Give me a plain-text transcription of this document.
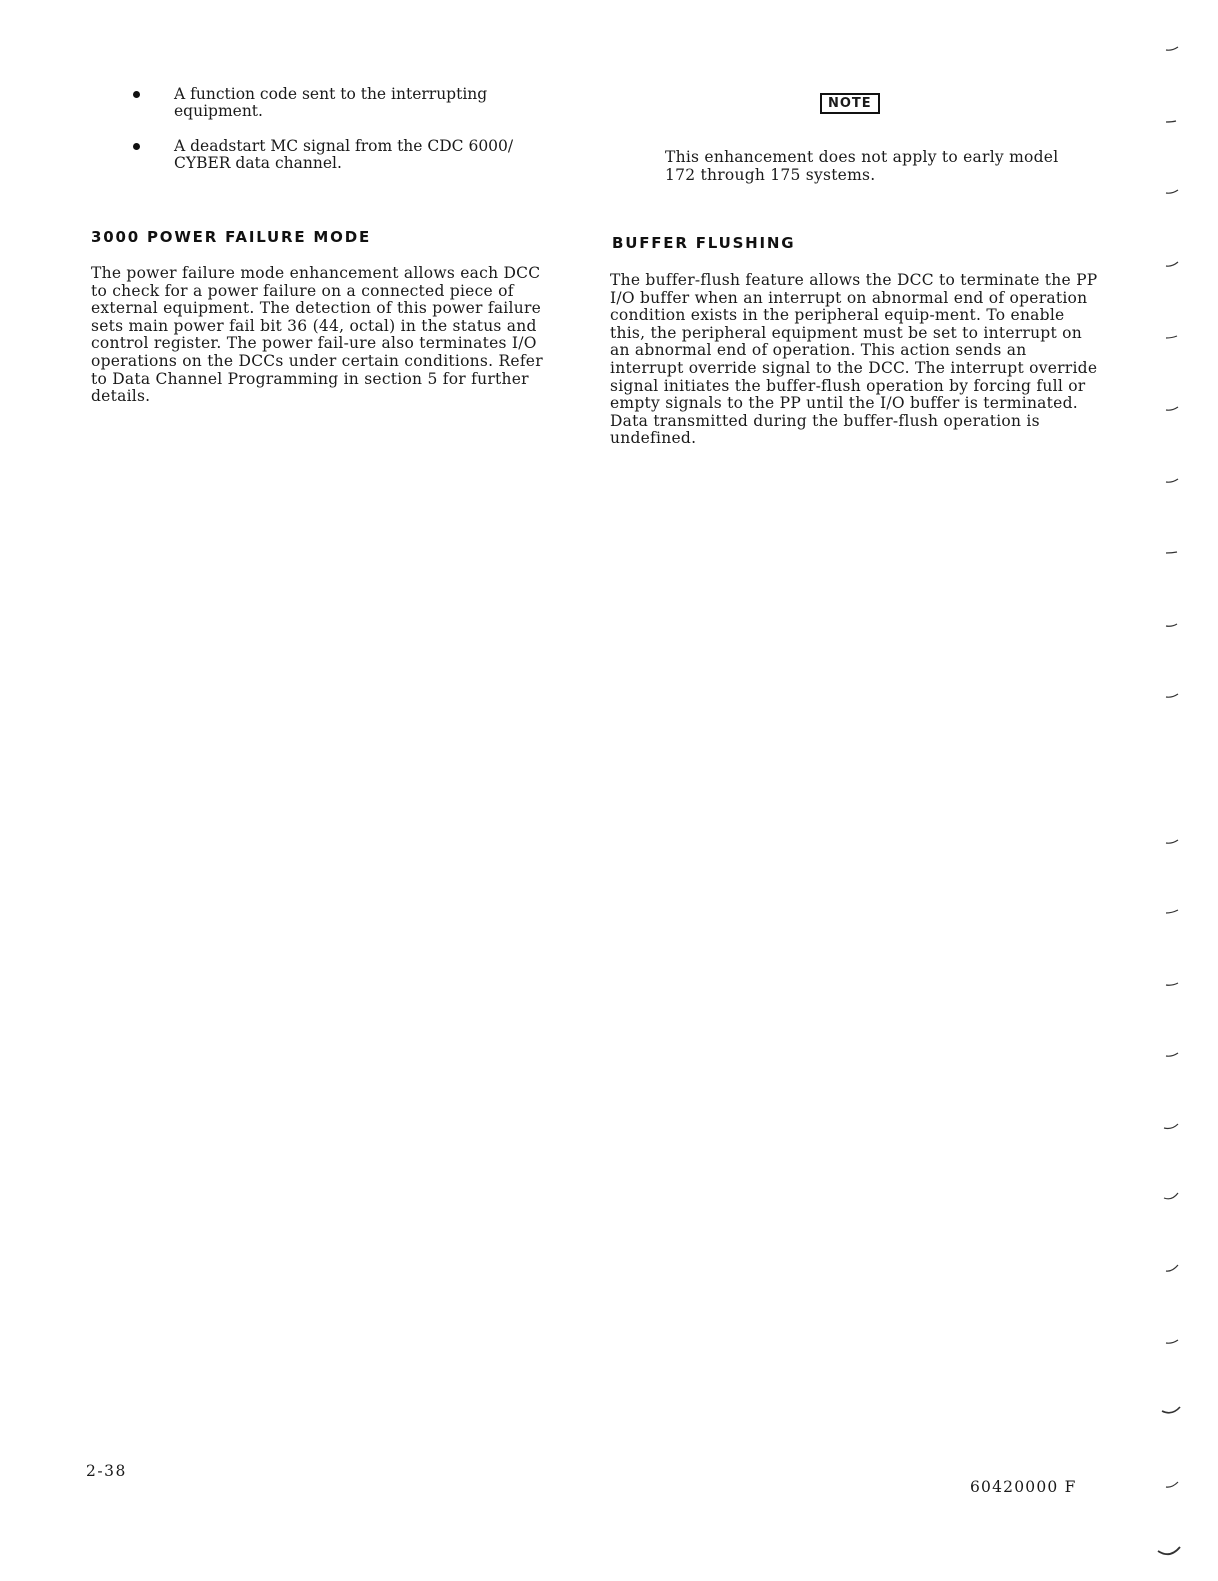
A function code sent to the interrupting equipment.
A deadstart MC signal from the CDC 6000/ CYBER data channel.
3000 POWER FAILURE MODE

The power failure mode enhancement allows each DCC to check for a power failure on a connected piece of external equipment. The detection of this power failure sets main power fail bit 36 (44, octal) in the status and control register. The power fail-ure also terminates I/O operations on the DCCs under certain conditions. Refer to Data Channel Programming in section 5 for further details.

NOTE

This enhancement does not apply to early model 172 through 175 systems.

BUFFER FLUSHING

The buffer-flush feature allows the DCC to terminate the PP I/O buffer when an interrupt on abnormal end of operation condition exists in the peripheral equip-ment. To enable this, the peripheral equipment must be set to interrupt on an abnormal end of operation. This action sends an interrupt override signal to the DCC. The interrupt override signal initiates the buffer-flush operation by forcing full or empty signals to the PP until the I/O buffer is terminated. Data transmitted during the buffer-flush operation is undefined.

2-38
60420000 F
